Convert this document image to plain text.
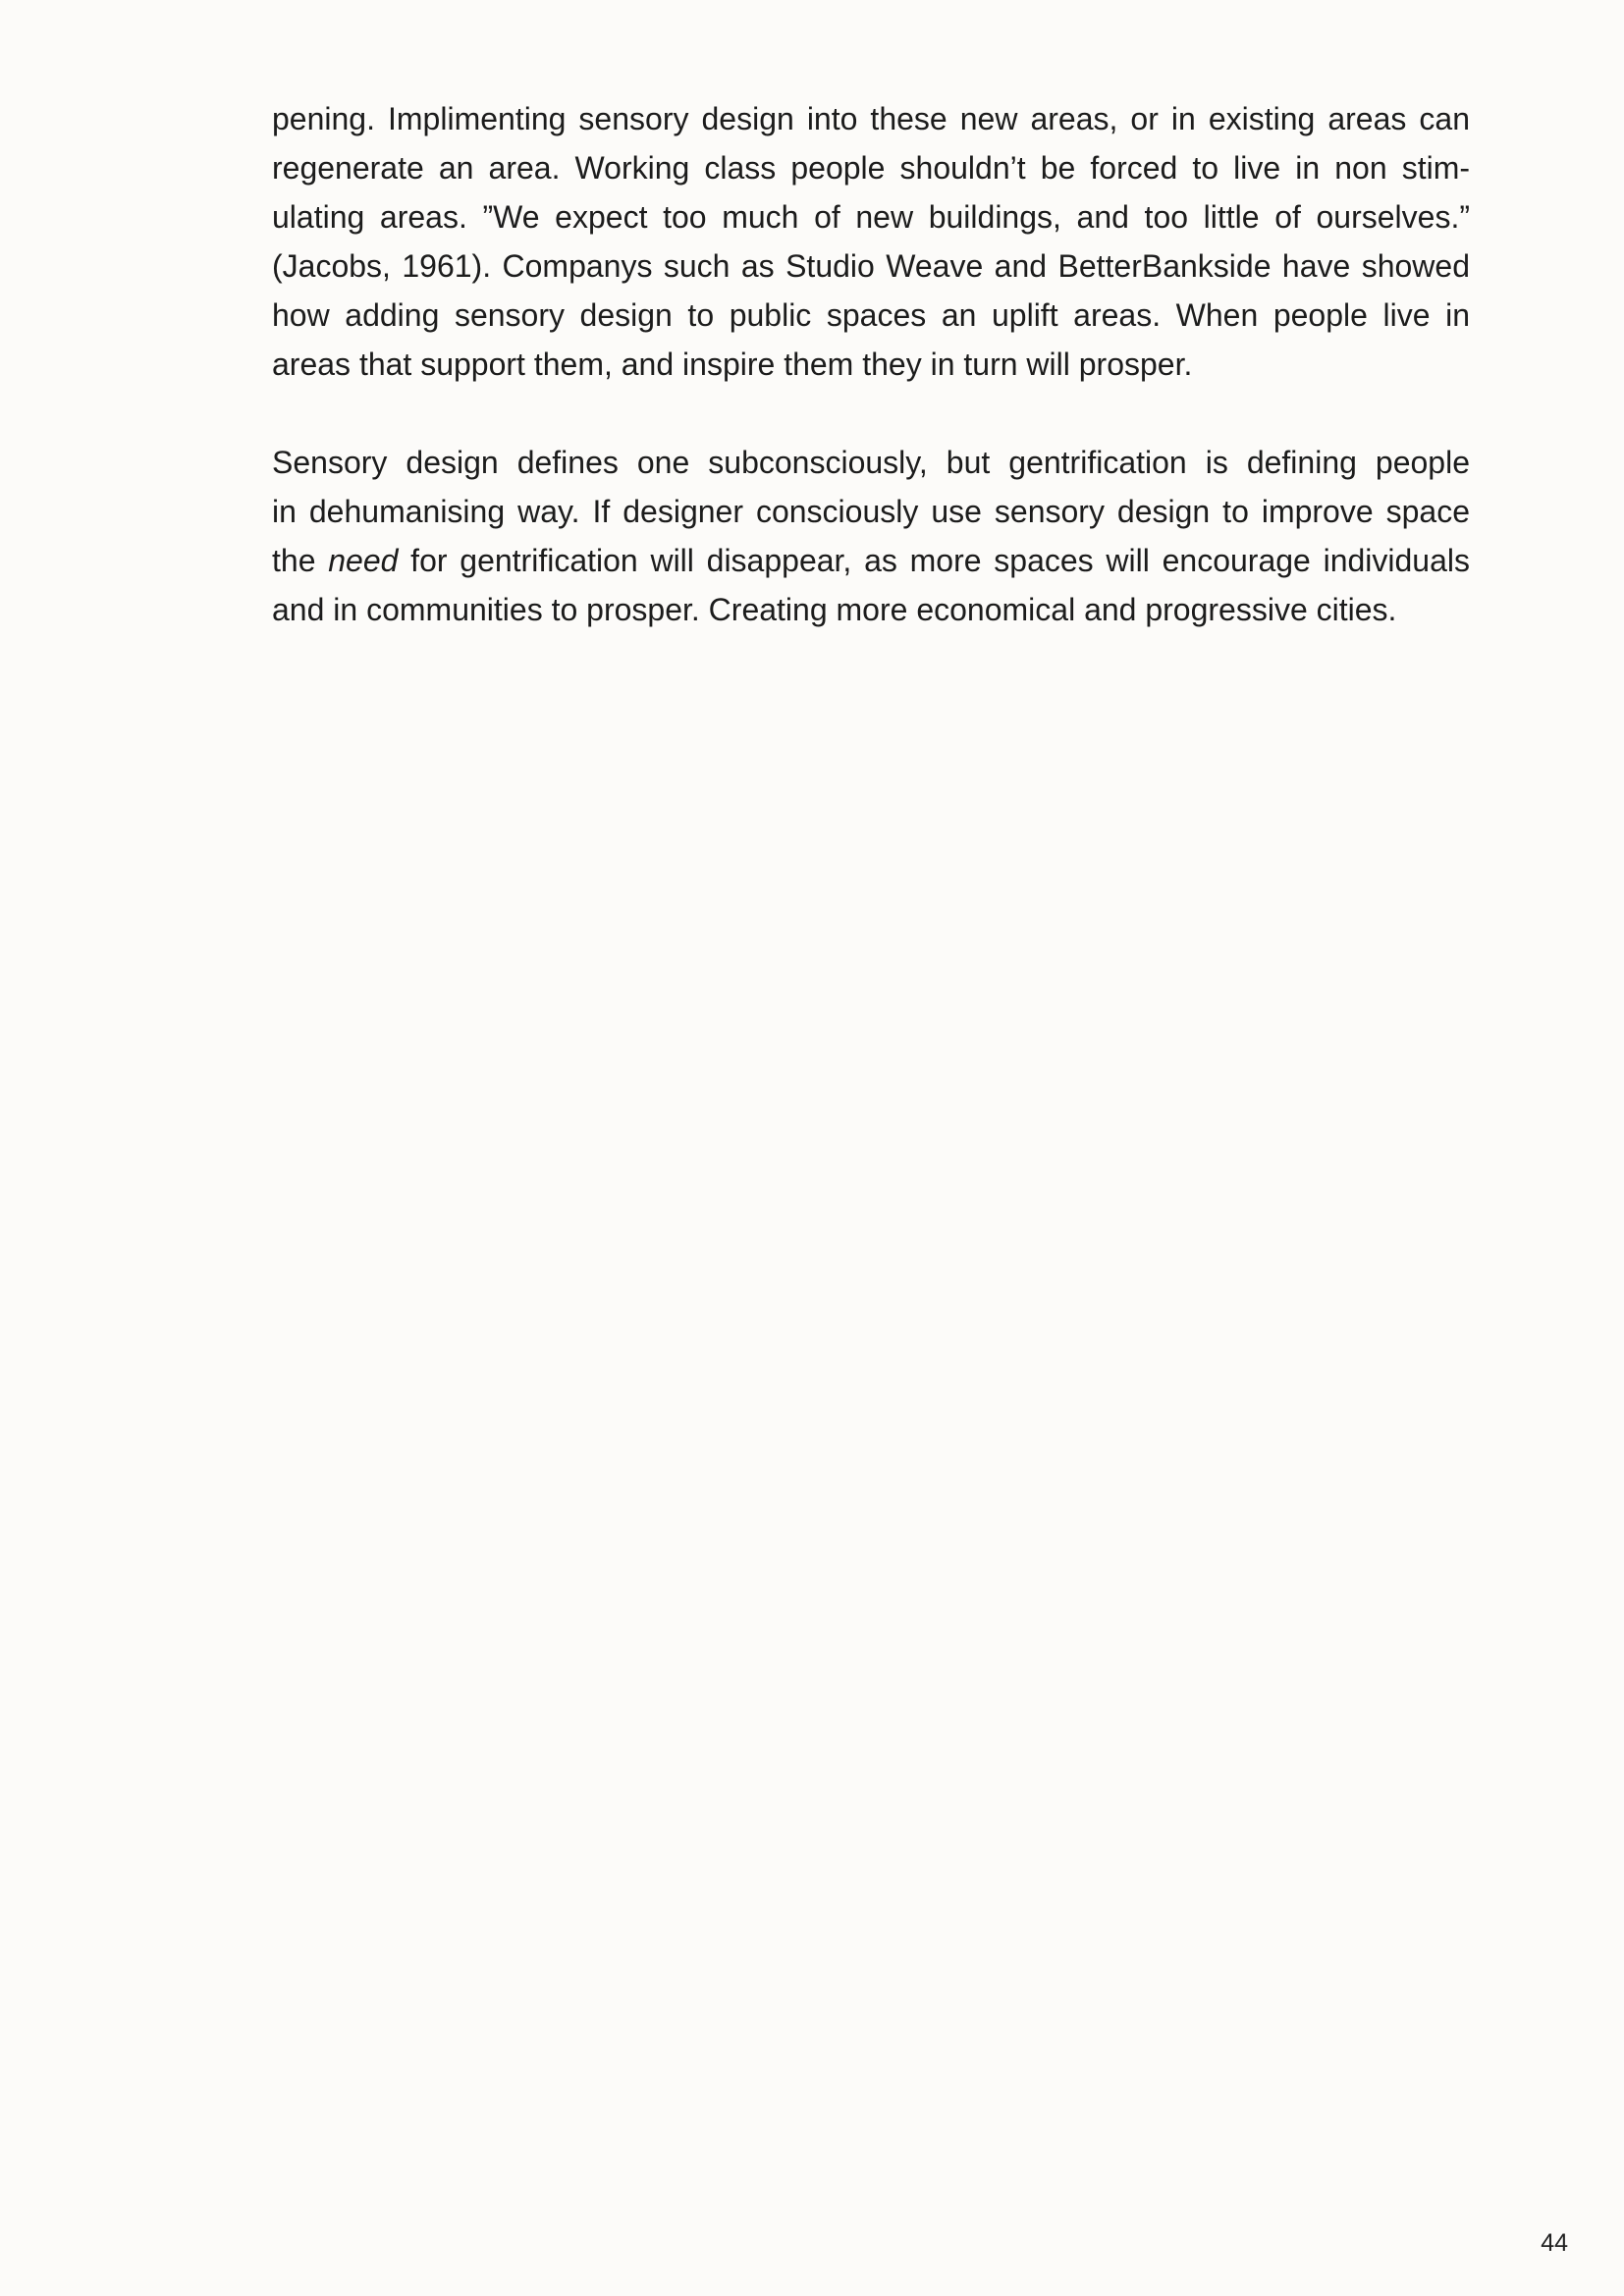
pening. Implimenting sensory design into these new areas, or in existing areas can
regenerate an area. Working class people shouldn’t be forced to live in non stim-
ulating areas. ”We expect too much of new buildings, and too little of ourselves.”
(Jacobs, 1961). Companys such as Studio Weave and BetterBankside have showed
how adding sensory design to public spaces an uplift areas. When people live in
areas that support them, and inspire them they in turn will prosper.
Sensory design defines one subconsciously, but gentrification is defining people
in dehumanising way. If designer consciously use sensory design to improve space
the need for gentrification will disappear, as more spaces will encourage individuals
and in communities to prosper. Creating more economical and progressive cities.
44
